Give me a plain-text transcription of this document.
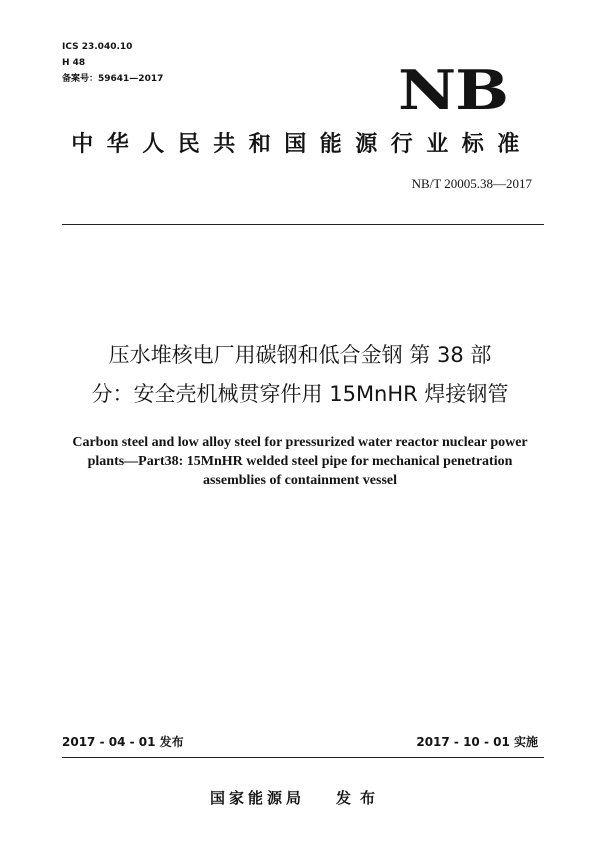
ICS 23.040.10
H 48
备案号：59641—2017	NB
中华人民共和国能源行业标准
NB/T 20005.38—2017
压水堆核电厂用碳钢和低合金钢 第 38 部
分：安全壳机械贯穿件用 15MnHR 焊接钢管
Carbon steel and low alloy steel for pressurized water reactor nuclear power
plants—Part38: 15MnHR welded steel pipe for mechanical penetration
assemblies of containment vessel
2017 - 04 - 01 发布	2017 - 10 - 01 实施
国家能源局 发布
